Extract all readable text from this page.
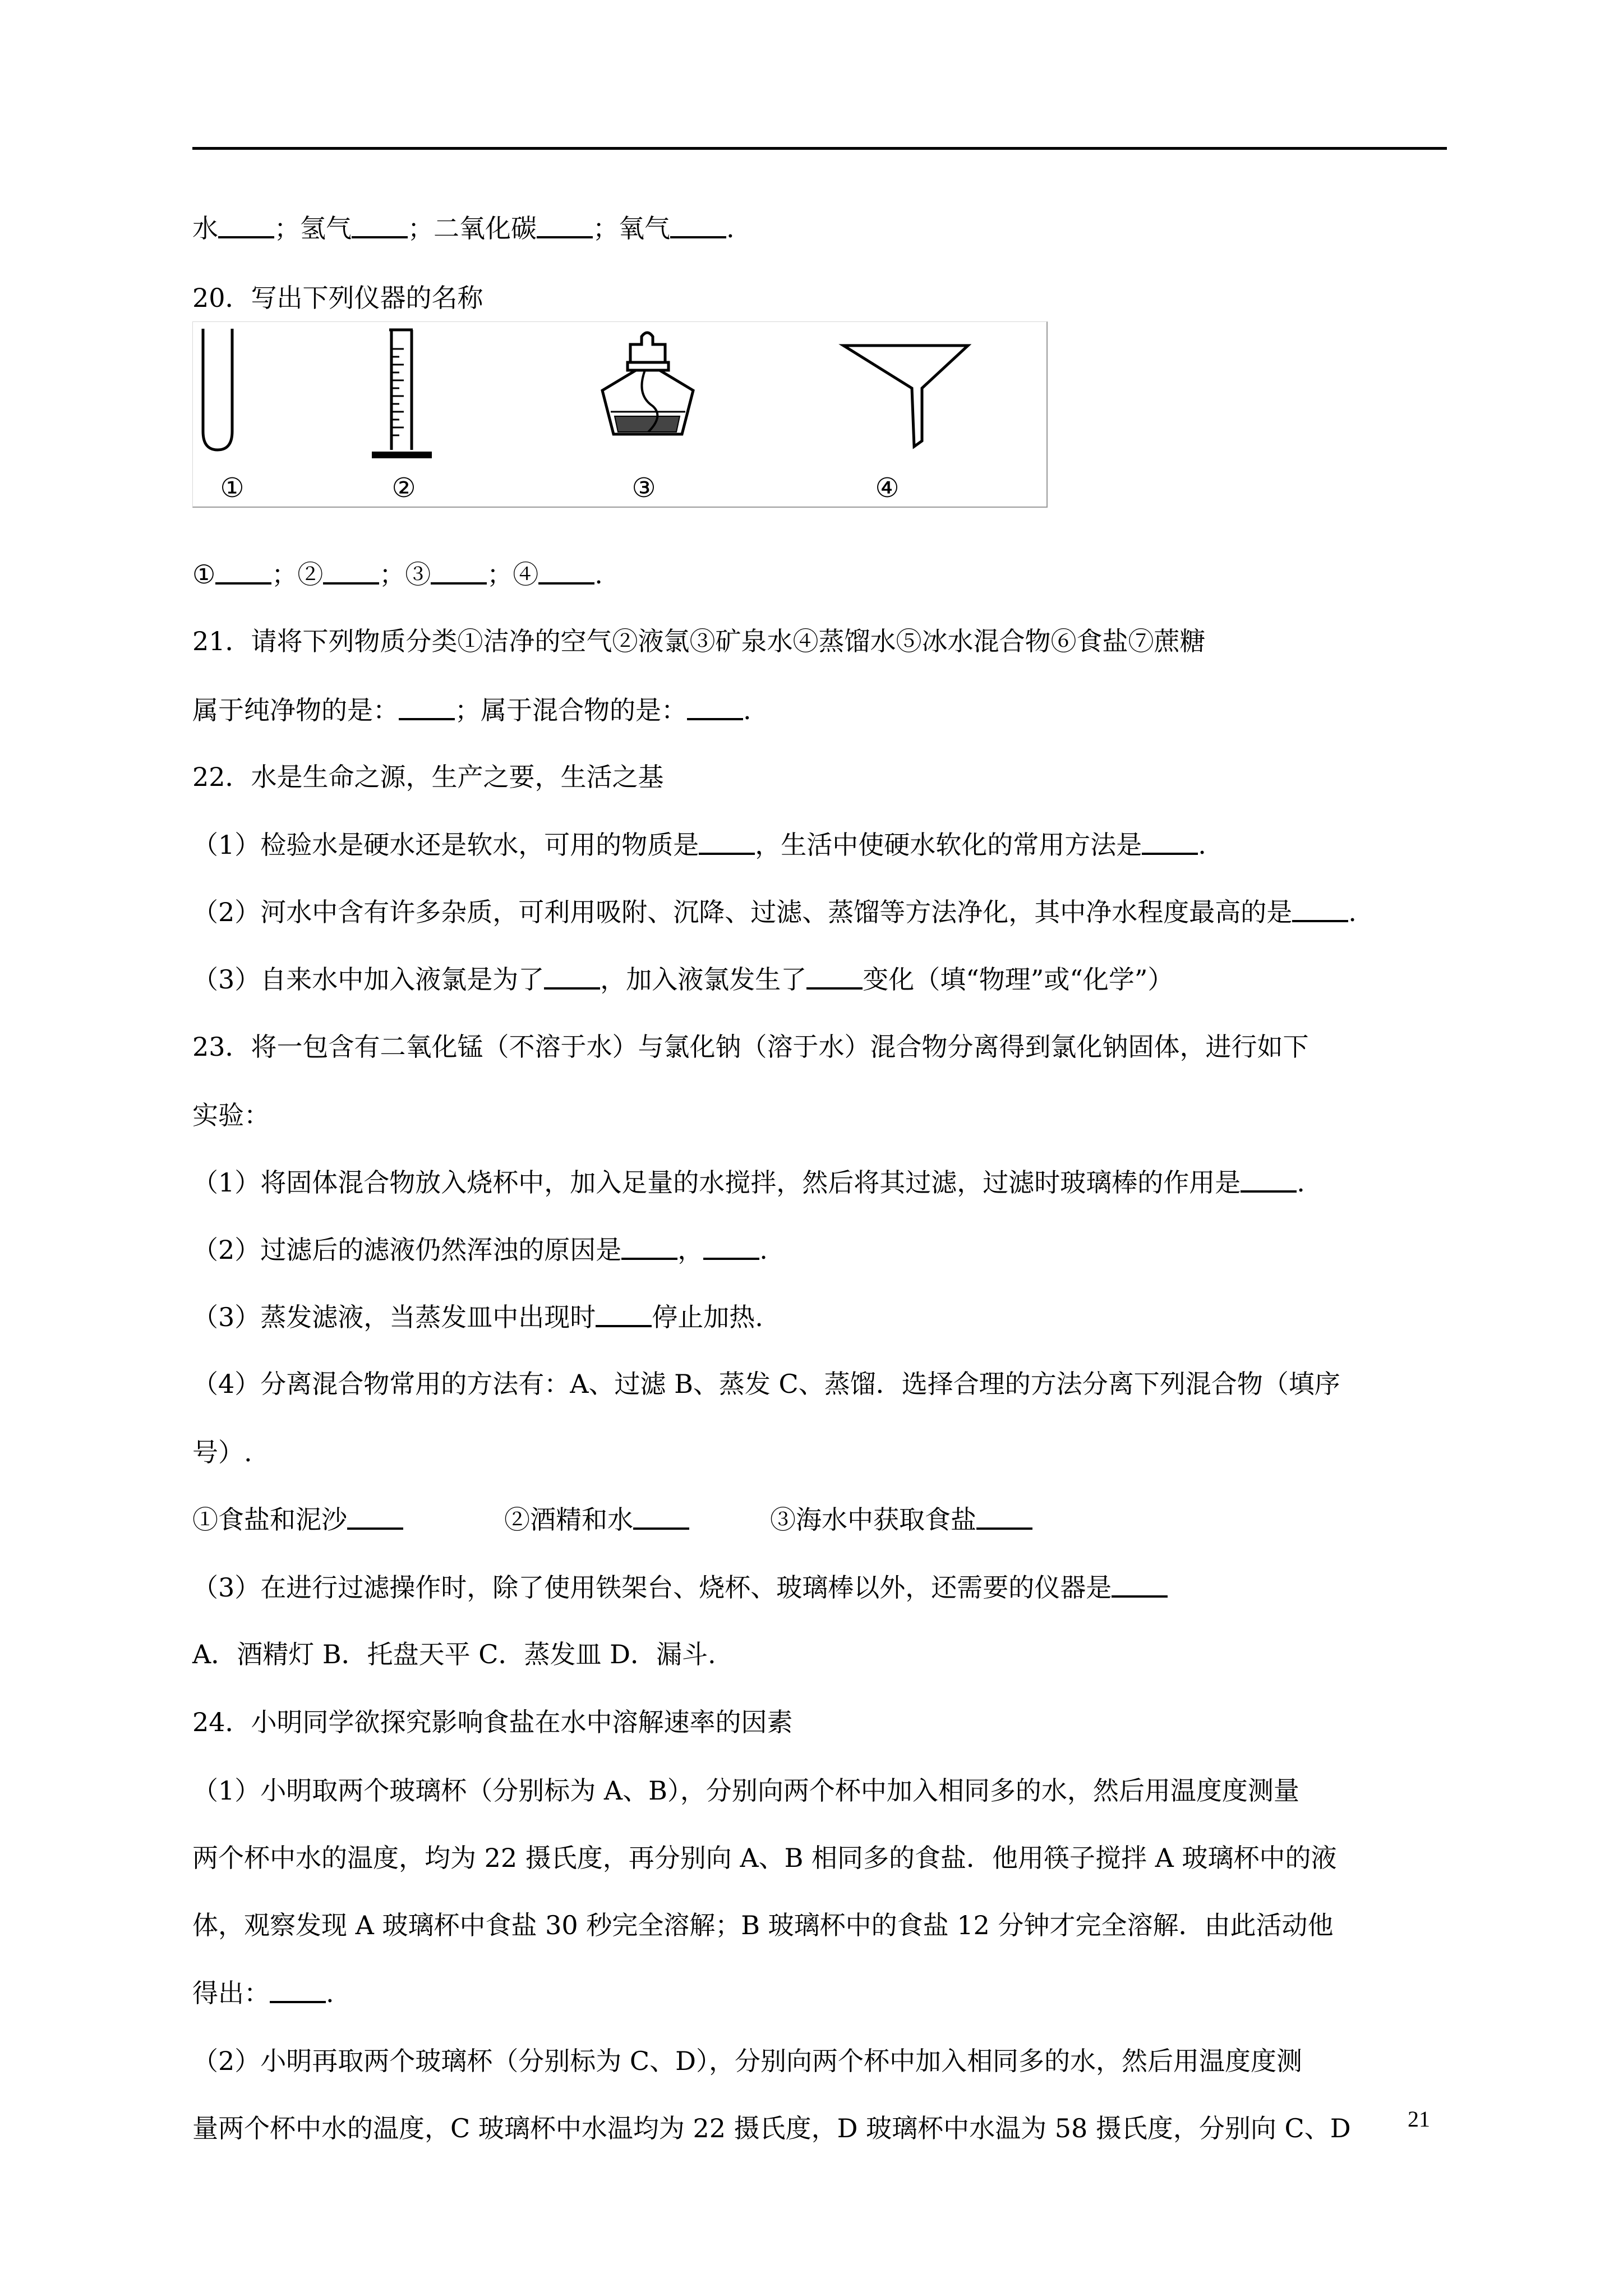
水 ；氢气 ；二氧化碳 ；氧气 .
20．写出下列仪器的名称
① ；② ；③ ；④ .
21．请将下列物质分类①洁净的空气②液氯③矿泉水④蒸馏水⑤冰水混合物⑥食盐⑦蔗糖
属于纯净物的是： ；属于混合物的是： .
22．水是生命之源，生产之要，生活之基
（1）检验水是硬水还是软水，可用的物质是 ，生活中使硬水软化的常用方法是 .
（2）河水中含有许多杂质，可利用吸附、沉降、过滤、蒸馏等方法净化，其中净水程度最高的是 .
（3）自来水中加入液氯是为了 ，加入液氯发生了 变化（填“物理”或“化学”）
23．将一包含有二氧化锰（不溶于水）与氯化钠（溶于水）混合物分离得到氯化钠固体，进行如下
实验：
（1）将固体混合物放入烧杯中，加入足量的水搅拌，然后将其过滤，过滤时玻璃棒的作用是 .
（2）过滤后的滤液仍然浑浊的原因是 ， .
（3）蒸发滤液，当蒸发皿中出现时 停止加热.
（4）分离混合物常用的方法有：A、过滤 B、蒸发 C、蒸馏．选择合理的方法分离下列混合物（填序
号）.
①食盐和泥沙	②酒精和水	③海水中获取食盐
（3）在进行过滤操作时，除了使用铁架台、烧杯、玻璃棒以外，还需要的仪器是
A．酒精灯 B．托盘天平 C．蒸发皿 D．漏斗.
24．小明同学欲探究影响食盐在水中溶解速率的因素
（1）小明取两个玻璃杯（分别标为 A、B），分别向两个杯中加入相同多的水，然后用温度度测量
两个杯中水的温度，均为 22 摄氏度，再分别向 A、B 相同多的食盐．他用筷子搅拌 A 玻璃杯中的液
体，观察发现 A 玻璃杯中食盐 30 秒完全溶解；B 玻璃杯中的食盐 12 分钟才完全溶解．由此活动他
得出： .
（2）小明再取两个玻璃杯（分别标为 C、D），分别向两个杯中加入相同多的水，然后用温度度测
量两个杯中水的温度，C 玻璃杯中水温均为 22 摄氏度，D 玻璃杯中水温为 58 摄氏度，分别向 C、D
①	②	③	④
21
